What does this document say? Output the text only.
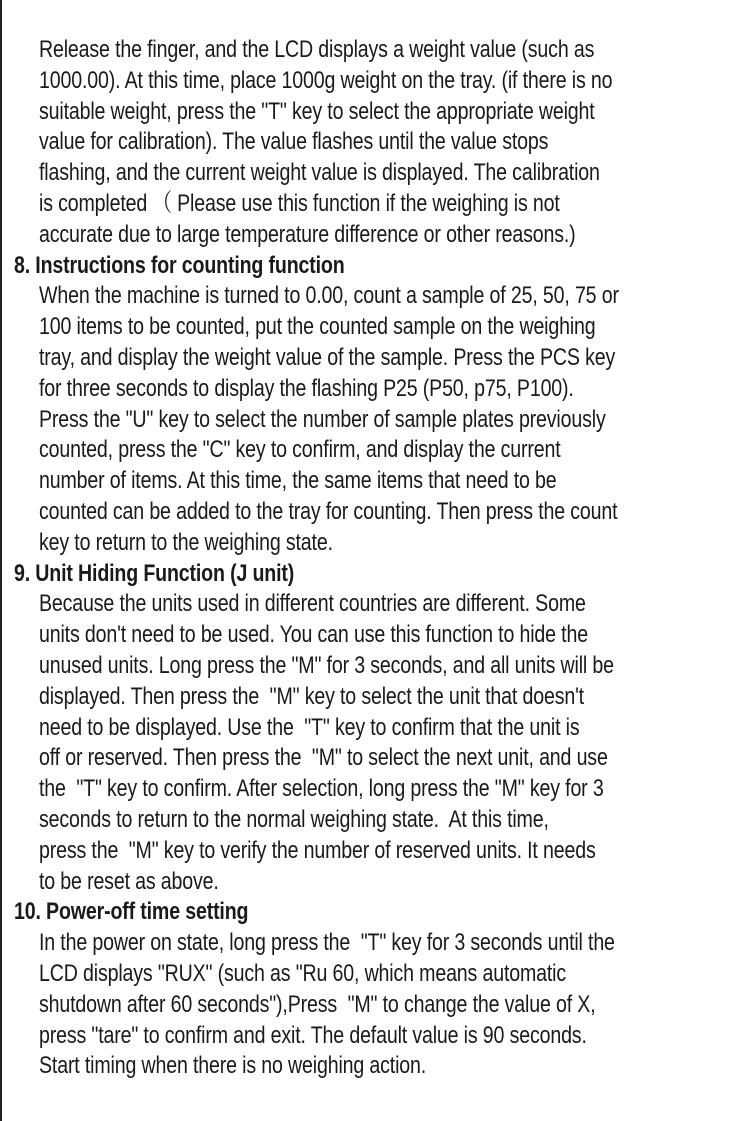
Release the finger, and the LCD displays a weight value (such as
1000.00). At this time, place 1000g weight on the tray. (if there is no
suitable weight, press the "T" key to select the appropriate weight
value for calibration). The value flashes until the value stops
flashing, and the current weight value is displayed. The calibration
is completed （ Please use this function if the weighing is not
accurate due to large temperature difference or other reasons.)
8. Instructions for counting function
When the machine is turned to 0.00, count a sample of 25, 50, 75 or
100 items to be counted, put the counted sample on the weighing
tray, and display the weight value of the sample. Press the PCS key
for three seconds to display the flashing P25 (P50, p75, P100).
Press the "U" key to select the number of sample plates previously
counted, press the "C" key to confirm, and display the current
number of items. At this time, the same items that need to be
counted can be added to the tray for counting. Then press the count
key to return to the weighing state.
9. Unit Hiding Function (J unit)
Because the units used in different countries are different. Some
units don't need to be used. You can use this function to hide the
unused units. Long press the "M" for 3 seconds, and all units will be
displayed. Then press the  "M" key to select the unit that doesn't
need to be displayed. Use the  "T" key to confirm that the unit is
off or reserved. Then press the  "M" to select the next unit, and use
the  "T" key to confirm. After selection, long press the "M" key for 3
seconds to return to the normal weighing state.  At this time,
press the  "M" key to verify the number of reserved units. It needs
to be reset as above.
10. Power-off time setting
In the power on state, long press the  "T" key for 3 seconds until the
LCD displays "RUX" (such as "Ru 60, which means automatic
shutdown after 60 seconds"),Press  "M" to change the value of X,
press "tare" to confirm and exit. The default value is 90 seconds.
Start timing when there is no weighing action.
